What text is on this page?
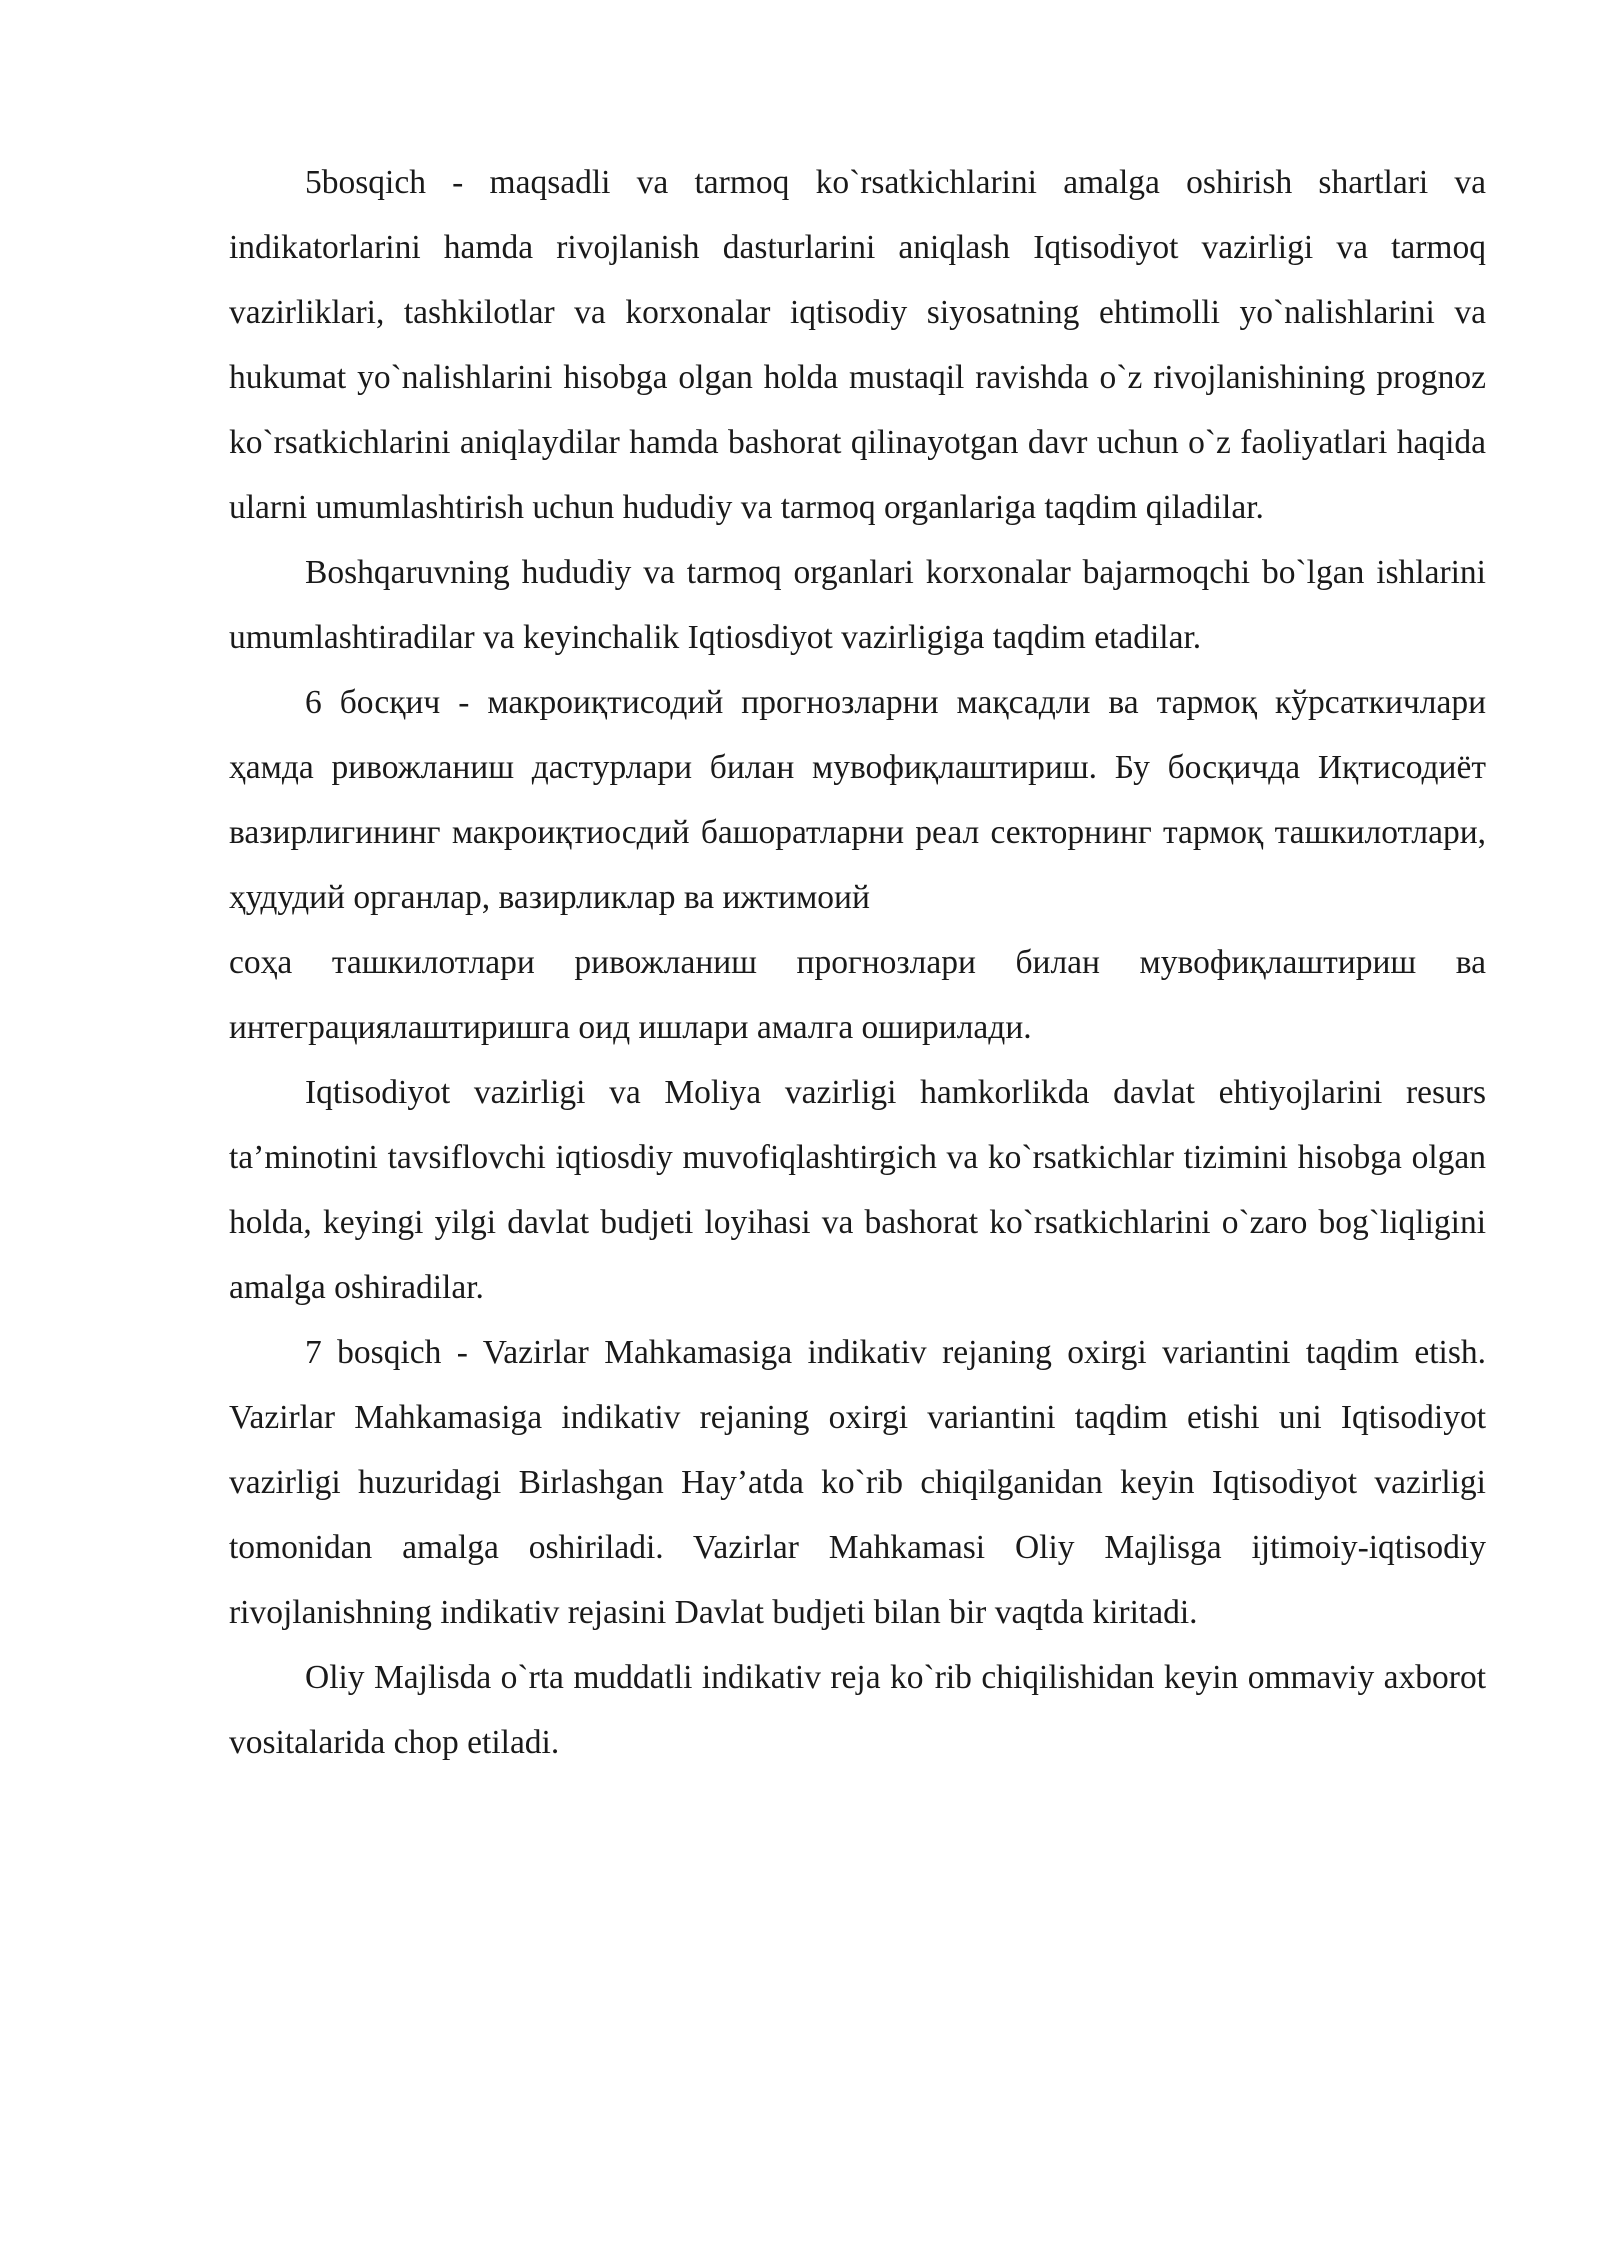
5bosqich - maqsadli va tarmoq ko`rsatkichlarini amalga oshirish shartlari va indikatorlarini hamda rivojlanish dasturlarini aniqlash Iqtisodiyot vazirligi va tarmoq vazirliklari, tashkilotlar va korxonalar iqtisodiy siyosatning ehtimolli yo`nalishlarini va hukumat yo`nalishlarini hisobga olgan holda mustaqil ravishda o`z rivojlanishining prognoz ko`rsatkichlarini aniqlaydilar hamda bashorat qilinayotgan davr uchun o`z faoliyatlari haqida ularni umumlashtirish uchun hududiy va tarmoq organlariga taqdim qiladilar.

Boshqaruvning hududiy va tarmoq organlari korxonalar bajarmoqchi bo`lgan ishlarini umumlashtiradilar va keyinchalik Iqtiosdiyot vazirligiga taqdim etadilar.

6 босқич - макроиқтисодий прогнозларни мақсадли ва тармоқ кўрсаткичлари ҳамда ривожланиш дастурлари билан мувофиқлаштириш. Бу босқичда Иқтисодиёт вазирлигининг макроиқтиосдий башоратларни реал секторнинг тармоқ ташкилотлари, ҳудудий органлар, вазирликлар ва ижтимоий

соҳа ташкилотлари ривожланиш прогнозлари билан мувофиқлаштириш ва интеграциялаштиришга оид ишлари амалга оширилади.

Iqtisodiyot vazirligi va Moliya vazirligi hamkorlikda davlat ehtiyojlarini resurs ta’minotini tavsiflovchi iqtiosdiy muvofiqlashtirgich va ko`rsatkichlar tizimini hisobga olgan holda, keyingi yilgi davlat budjeti loyihasi va bashorat ko`rsatkichlarini o`zaro bog`liqligini amalga oshiradilar.

7 bosqich - Vazirlar Mahkamasiga indikativ rejaning oxirgi variantini taqdim etish. Vazirlar Mahkamasiga indikativ rejaning oxirgi variantini taqdim etishi uni Iqtisodiyot vazirligi huzuridagi Birlashgan Hay’atda ko`rib chiqilganidan keyin Iqtisodiyot vazirligi tomonidan amalga oshiriladi. Vazirlar Mahkamasi Oliy Majlisga ijtimoiy-iqtisodiy rivojlanishning indikativ rejasini Davlat budjeti bilan bir vaqtda kiritadi.

Oliy Majlisda o`rta muddatli indikativ reja ko`rib chiqilishidan keyin ommaviy axborot vositalarida chop etiladi.
